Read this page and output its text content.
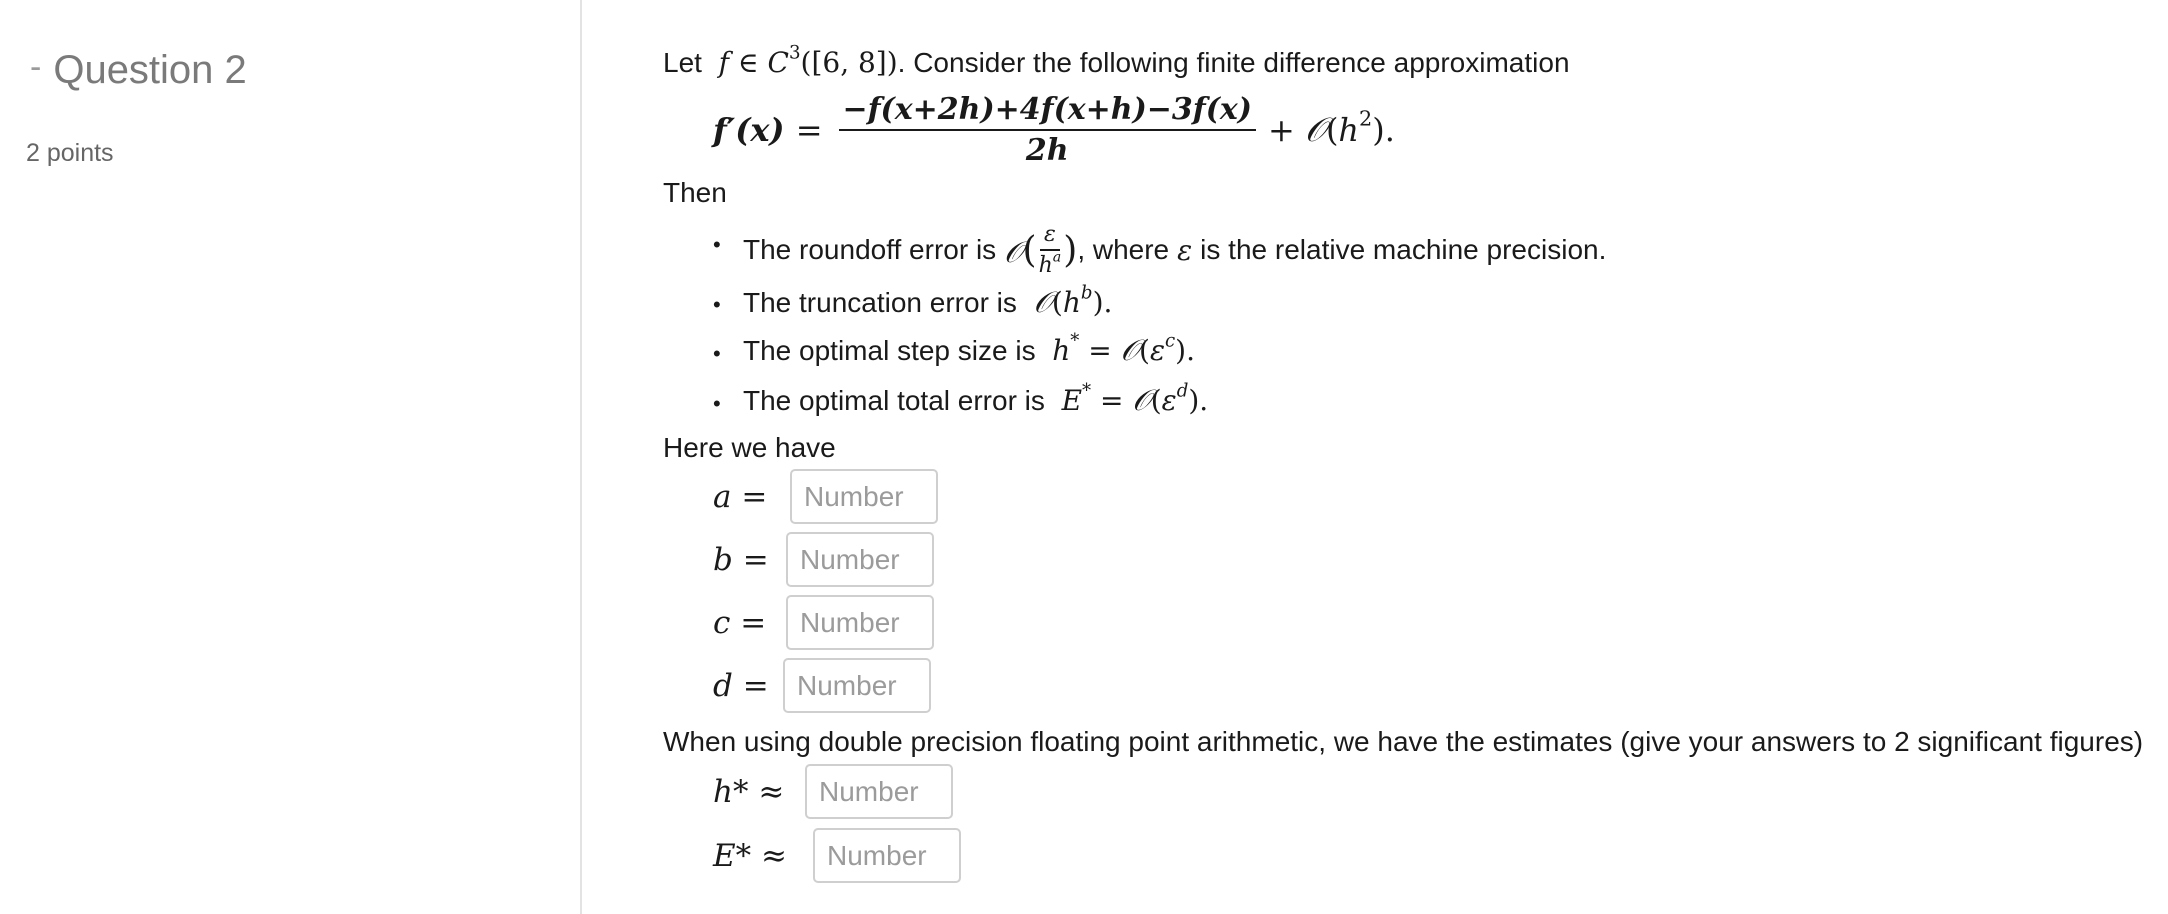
- Question 2
2 points
Let  f ∈ $C^3([6$, 8]). Consider the following finite difference approximation
$f'(x) = \frac{-f(x+2h)+4f(x+h)-3f(x)}{2h}$ + $𝒪(h^2)$.
Then
• The roundoff error is 𝒪( $\frac{\varepsilon}{h^a}$ ) , where ε is the relative machine precision.
• The truncation error is $𝒪(h^b)$.
• The optimal step size is  $h^* = 𝒪(\varepsilon^c)$.
• The optimal total error is  $E^* = 𝒪(\varepsilon^d)$.
Here we have
a =
Number
b =
Number
c =
Number
d =
Number
When using double precision floating point arithmetic, we have the estimates (give your answers to 2 significant figures)
h* ≈
Number
E* ≈
Number
